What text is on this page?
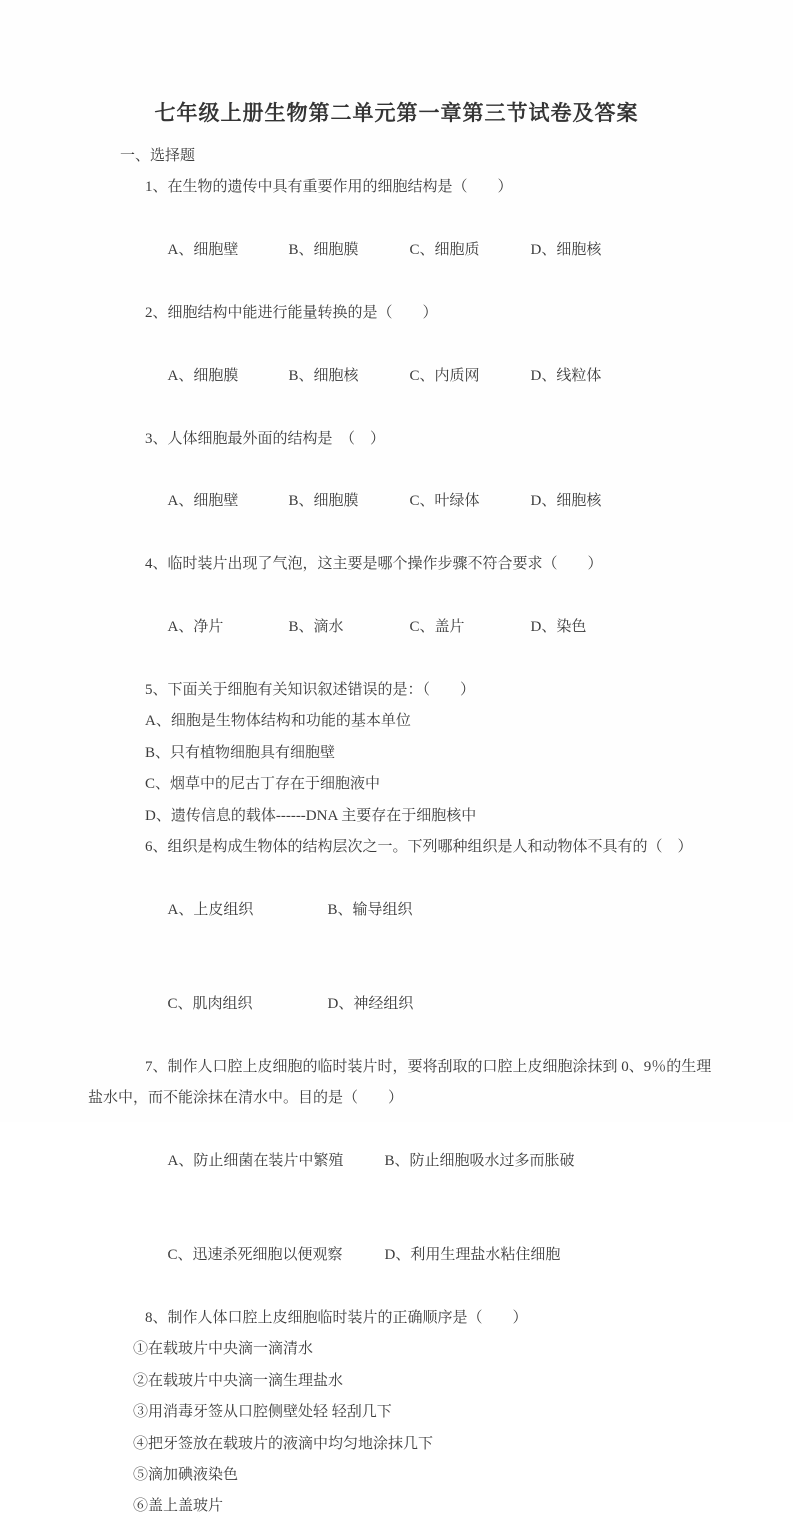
七年级上册生物第二单元第一章第三节试卷及答案
一、选择题
1、在生物的遗传中具有重要作用的细胞结构是（　　）

A、细胞壁	B、细胞膜	C、细胞质	D、细胞核

2、细胞结构中能进行能量转换的是（　　）

A、细胞膜	B、细胞核	C、内质网	D、线粒体

3、人体细胞最外面的结构是　（　）

A、细胞壁	B、细胞膜	C、叶绿体	D、细胞核

4、临时装片出现了气泡，这主要是哪个操作步骤不符合要求（　　）

A、净片	B、滴水	C、盖片	D、染色

5、下面关于细胞有关知识叙述错误的是：（　　）
A、细胞是生物体结构和功能的基本单位
B、只有植物细胞具有细胞壁
C、烟草中的尼古丁存在于细胞液中
D、遗传信息的载体------DNA 主要存在于细胞核中
6、组织是构成生物体的结构层次之一。下列哪种组织是人和动物体不具有的（　）

A、上皮组织	B、输导组织

C、肌肉组织	D、神经组织

7、制作人口腔上皮细胞的临时装片时，要将刮取的口腔上皮细胞涂抹到 0、9％的生理
盐水中，而不能涂抹在清水中。目的是（　　）

A、防止细菌在装片中繁殖	B、防止细胞吸水过多而胀破

C、迅速杀死细胞以便观察	D、利用生理盐水粘住细胞

8、制作人体口腔上皮细胞临时装片的正确顺序是（　　）
①在载玻片中央滴一滴清水
②在载玻片中央滴一滴生理盐水
③用消毒牙签从口腔侧壁处轻 轻刮几下
④把牙签放在载玻片的液滴中均匀地涂抹几下
⑤滴加碘液染色
⑥盖上盖玻片
